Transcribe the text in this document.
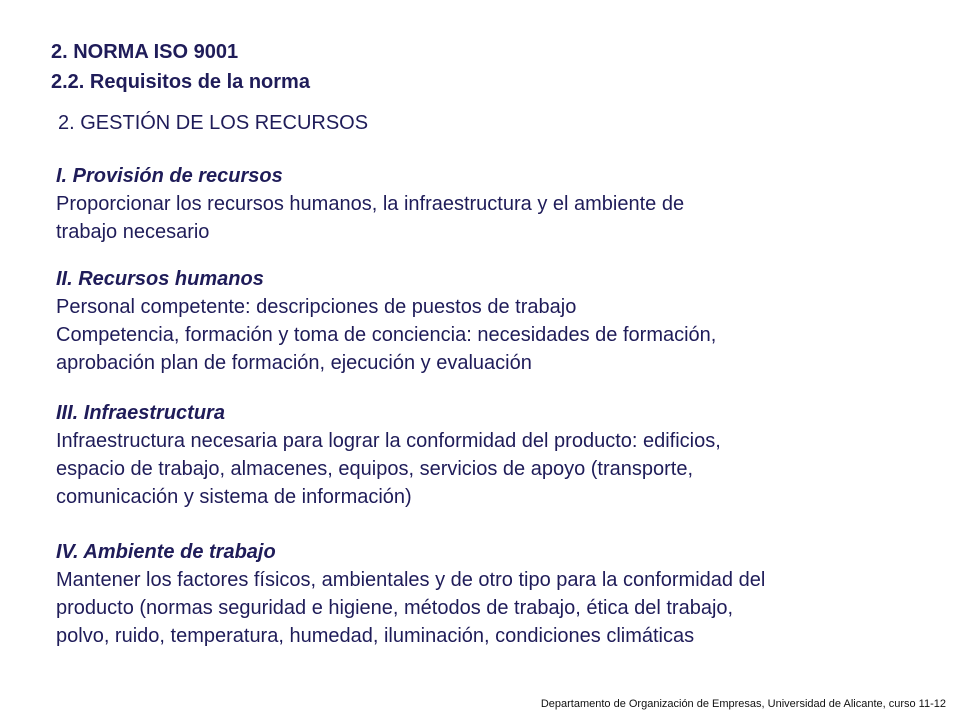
2. NORMA ISO 9001
2.2. Requisitos de la norma
2. GESTIÓN DE LOS RECURSOS
I. Provisión de recursos
Proporcionar los recursos humanos, la infraestructura y el ambiente de
trabajo necesario
II. Recursos humanos
Personal competente: descripciones de puestos de trabajo
Competencia, formación y toma de conciencia: necesidades de formación,
aprobación plan de formación, ejecución y evaluación
III. Infraestructura
Infraestructura necesaria para lograr la conformidad del producto: edificios,
espacio de trabajo, almacenes, equipos, servicios de apoyo (transporte,
comunicación y sistema de información)
IV. Ambiente de trabajo
Mantener los factores físicos, ambientales y de otro tipo para la conformidad del
producto (normas seguridad e higiene, métodos de trabajo, ética del trabajo,
polvo, ruido, temperatura, humedad, iluminación, condiciones climáticas
Departamento de Organización de Empresas, Universidad de Alicante, curso 11-12
